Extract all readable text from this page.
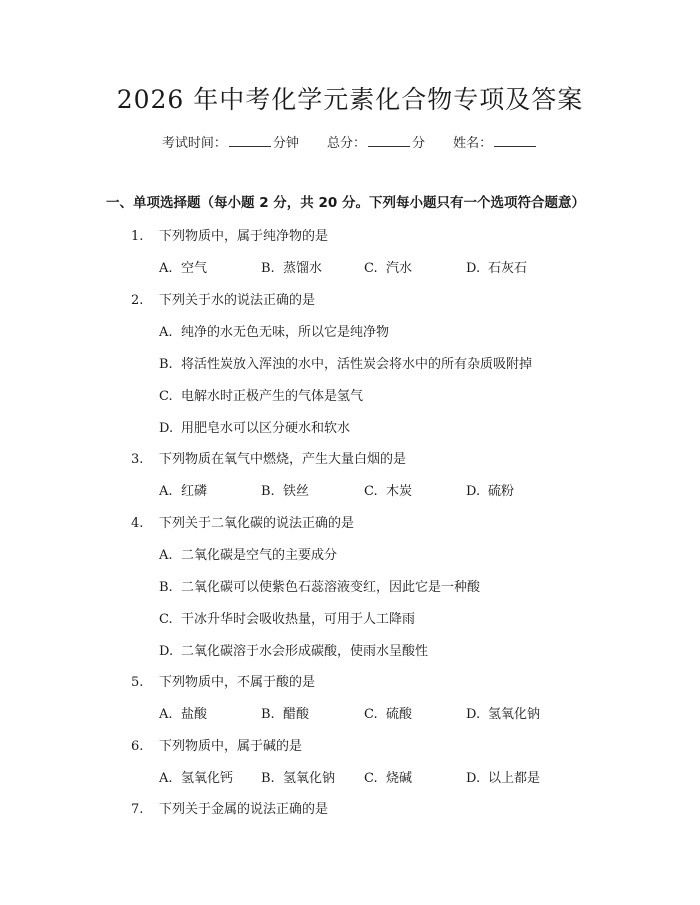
2026 年中考化学元素化合物专项及答案
考试时间：	分钟 总分：	分 姓名：
一、单项选择题（每小题 2 分，共 20 分。下列每小题只有一个选项符合题意）
1. 下列物质中，属于纯净物的是
A. 空气	B. 蒸馏水	C. 汽水	D. 石灰石
2. 下列关于水的说法正确的是
A. 纯净的水无色无味，所以它是纯净物
B. 将活性炭放入浑浊的水中，活性炭会将水中的所有杂质吸附掉
C. 电解水时正极产生的气体是氢气
D. 用肥皂水可以区分硬水和软水
3. 下列物质在氧气中燃烧，产生大量白烟的是
A. 红磷	B. 铁丝	C. 木炭	D. 硫粉
4. 下列关于二氧化碳的说法正确的是
A. 二氧化碳是空气的主要成分
B. 二氧化碳可以使紫色石蕊溶液变红，因此它是一种酸
C. 干冰升华时会吸收热量，可用于人工降雨
D. 二氧化碳溶于水会形成碳酸，使雨水呈酸性
5. 下列物质中，不属于酸的是
A. 盐酸	B. 醋酸	C. 硫酸	D. 氢氧化钠
6. 下列物质中，属于碱的是
A. 氢氧化钙 B. 氢氧化钠 C. 烧碱	D. 以上都是
7. 下列关于金属的说法正确的是
